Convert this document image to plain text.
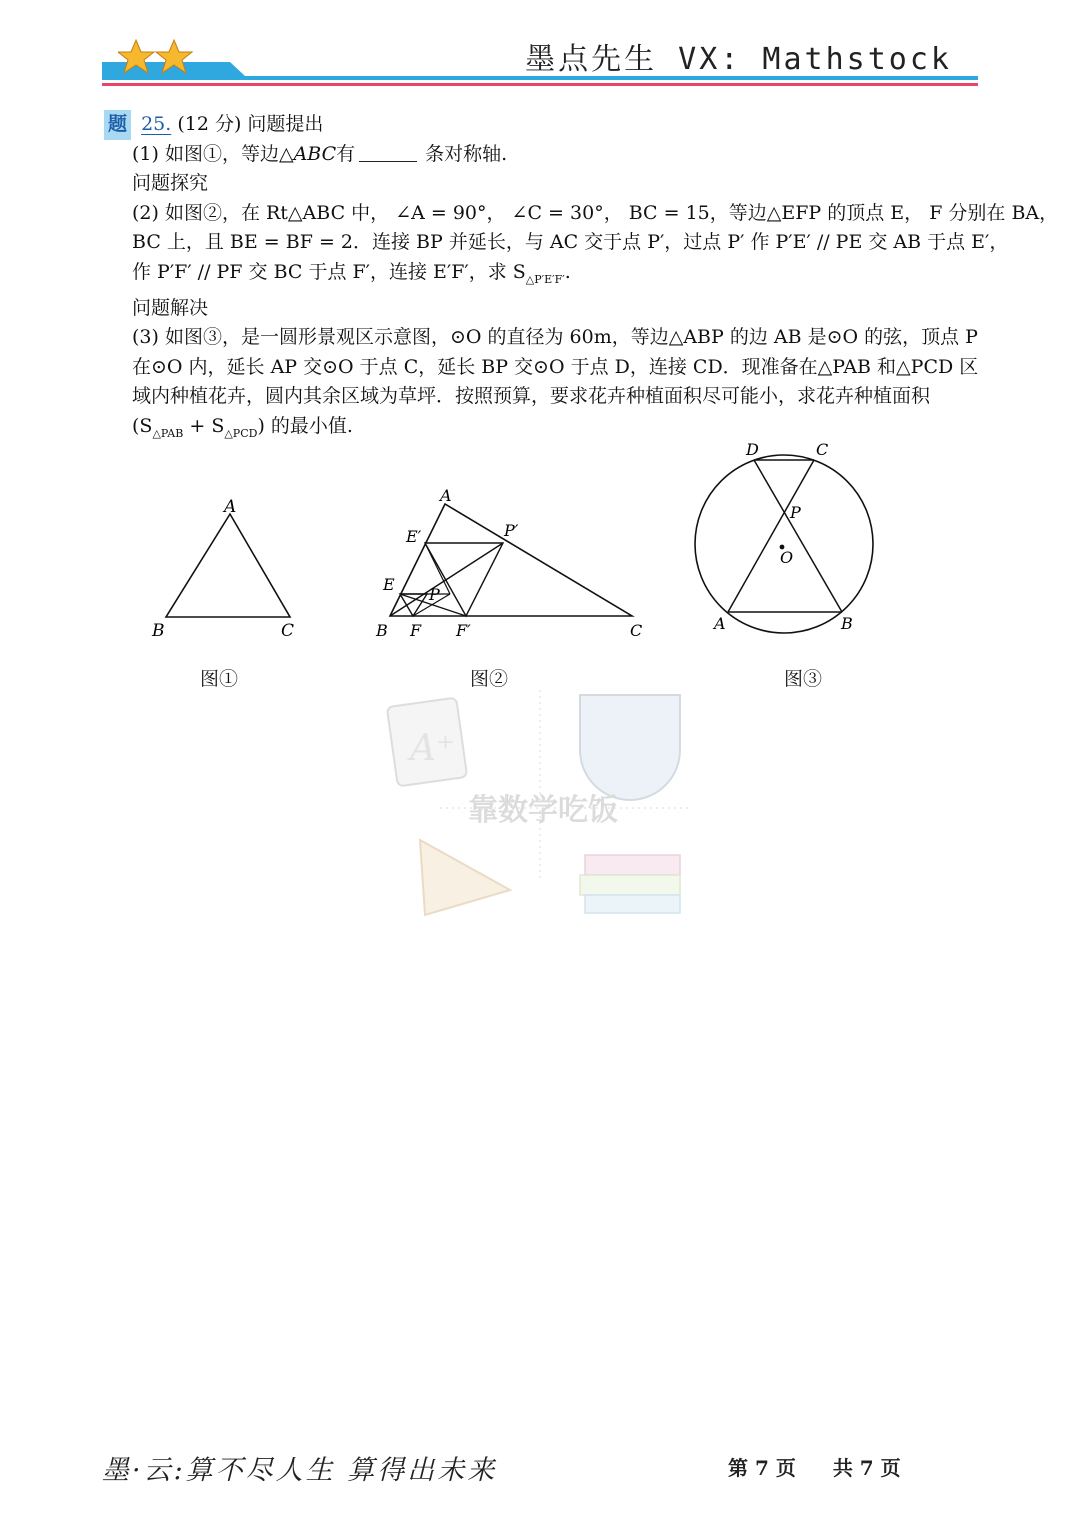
墨点先生 VX: Mathstock
题 25. (12 分) 问题提出
(1) 如图①，等边△ABC有	条对称轴.
问题探究
(2) 如图②，在 Rt△ABC 中， ∠A = 90°， ∠C = 30°， BC = 15，等边△EFP 的顶点 E， F 分别在 BA，
BC 上，且 BE = BF = 2．连接 BP 并延长，与 AC 交于点 P′，过点 P′ 作 P′E′ // PE 交 AB 于点 E′，
作 P′F′ // PF 交 BC 于点 F′，连接 E′F′，求 $S_{\triangle P'E'F'}$.
问题解决
(3) 如图③，是一圆形景观区示意图，⊙O 的直径为 60m，等边△ABP 的边 AB 是⊙O 的弦，顶点 P
在⊙O 内，延长 AP 交⊙O 于点 C，延长 BP 交⊙O 于点 D，连接 CD．现准备在△PAB 和△PCD 区
域内种植花卉，圆内其余区域为草坪．按照预算，要求花卉种植面积尽可能小，求花卉种植面积
$(S_{\triangle PAB} + S_{\triangle PCD})$ 的最小值.
A
B	C
图①
A
E′	P′
E
P
B F F′	C
图②
D	C
P
O
A	B
图③
A⁺
靠数学吃饭
墨·云:算不尽人生 算得出未来	第 7 页 共 7 页
